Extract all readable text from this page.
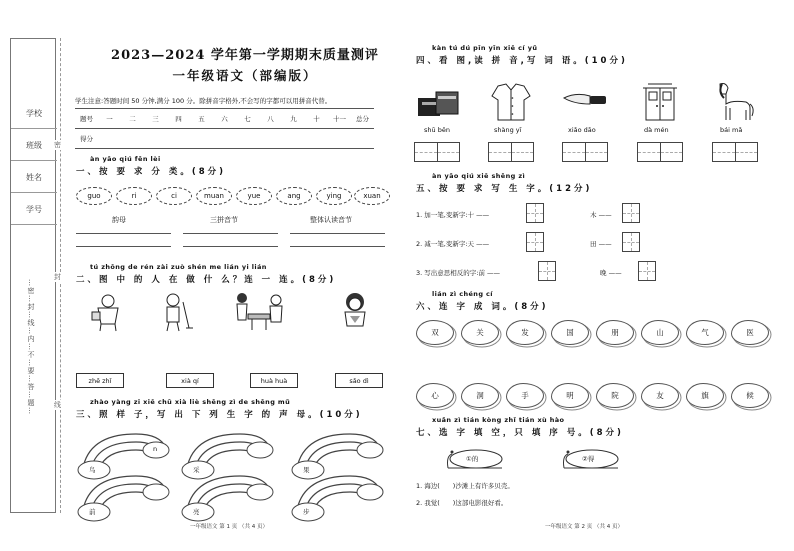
学校
班级
姓名
学号
…密…封…线…内…不…要…答…题…
密
封
线
2023—2024 学年第一学期期末质量测评
一年级语文（部编版）
学生注意:答题时间 50 分钟,满分 100 分。除拼音字格外,不会写的字都可以用拼音代替。
题号	一	二	三	四	五	六	七	八	九	十	十一	总分
得分												
àn yāo qiú fēn lèi
一、按 要 求 分 类。(8分)
guo	ri	ci	muan	yue	ang	ying	xuan
韵母	三拼音节	整体认读音节
tú zhōng de rén zài zuò shén me lián yi lián
二、图 中 的 人 在 做 什 么？连 一 连。(8分)
zhē zhǐ	xià qí	huà huà	sǎo dì
zhào yàng zi xiě chū xià liè shēng zì de shēng mǔ
三、照 样 子，写 出 下 列 生 字 的 声 母。(10分)
鸟
n
采	果
前	亮	步
一年级语文 第 1 页 （共 4 页）
kàn tú dú pīn yīn xiě cí yǔ
四、看 图,读 拼 音,写 词 语。(10分)
shū běn	shàng yī	xiǎo dāo	dà mén	bái mǎ
àn yāo qiú xiě shēng zì
五、按 要 求 写 生 字。(12分)
1. 加一笔,变新字:十 ——	木 ——
2. 减一笔,变新字:天 ——	田 ——
3. 写出意思相反的字:前 ——	晚 ——
lián zì chéng cí
六、连 字 成 词。(8分)
双	关	发	国	朋	山	气	医
心	洞	手	明	院	友	旗	候
xuǎn zì tián kòng zhǐ tián xù hào
七、选 字 填 空，只 填 序 号。(8分)
①的	②得
1. 海边(　　)沙滩上有许多贝壳。
2. 我觉(　　)这部电影很好看。
一年级语文 第 2 页 （共 4 页）
